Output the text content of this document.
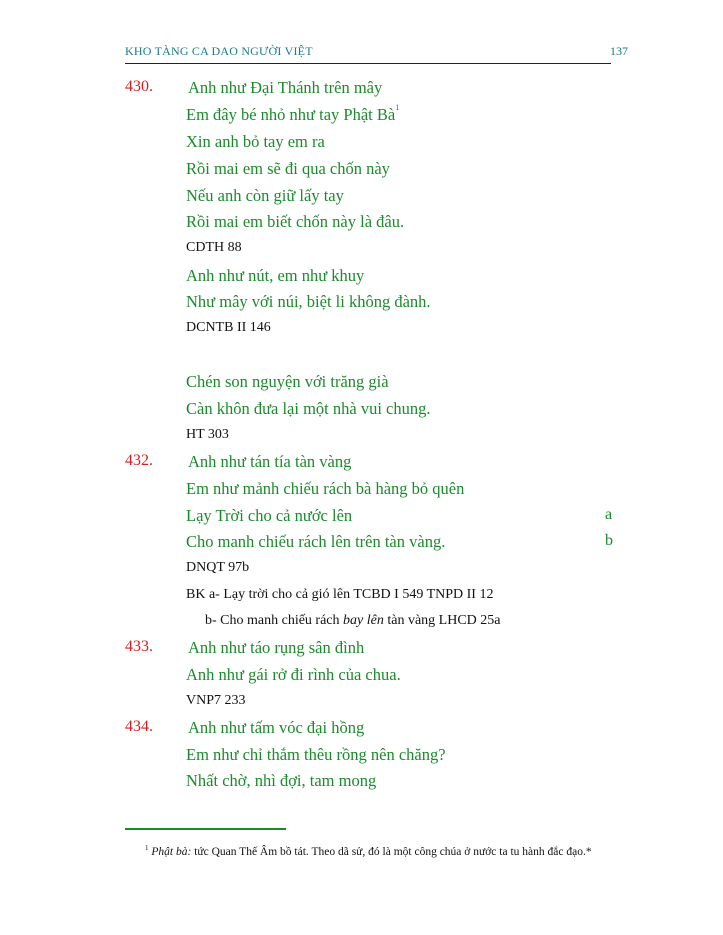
KHO TÀNG CA DAO NGƯỜI VIỆT	137
430. Anh như Đại Thánh trên mây
Em đây bé nhỏ như tay Phật Bà$^1$
Xin anh bỏ tay em ra
Rồi mai em sẽ đi qua chốn này
Nếu anh còn giữ lấy tay
Rồi mai em biết chốn này là đâu.
CDTH 88
Anh như nút, em như khuy
Như mây với núi, biệt li không đành.
DCNTB II 146
Chén son nguyện với trăng già
Càn khôn đưa lại một nhà vui chung.
HT 303
432. Anh như tán tía tàn vàng
Em như mảnh chiếu rách bà hàng bỏ quên
Lạy Trời cho cả nước lên	a
Cho manh chiếu rách lên trên tàn vàng.	b
DNQT 97b
BK a- Lạy trời cho cả gió lên TCBD I 549 TNPD II 12
b- Cho manh chiếu rách bay lên tàn vàng LHCD 25a
433. Anh như táo rụng sân đình
Anh như gái rở đi rình của chua.
VNP7 233
434. Anh như tấm vóc đại hồng
Em như chỉ thắm thêu rồng nên chăng?
Nhất chờ, nhì đợi, tam mong
$^1$ Phật bà: tức Quan Thế Âm bồ tát. Theo dã sử, đó là một công chúa ở nước ta tu hành đắc đạo.*
